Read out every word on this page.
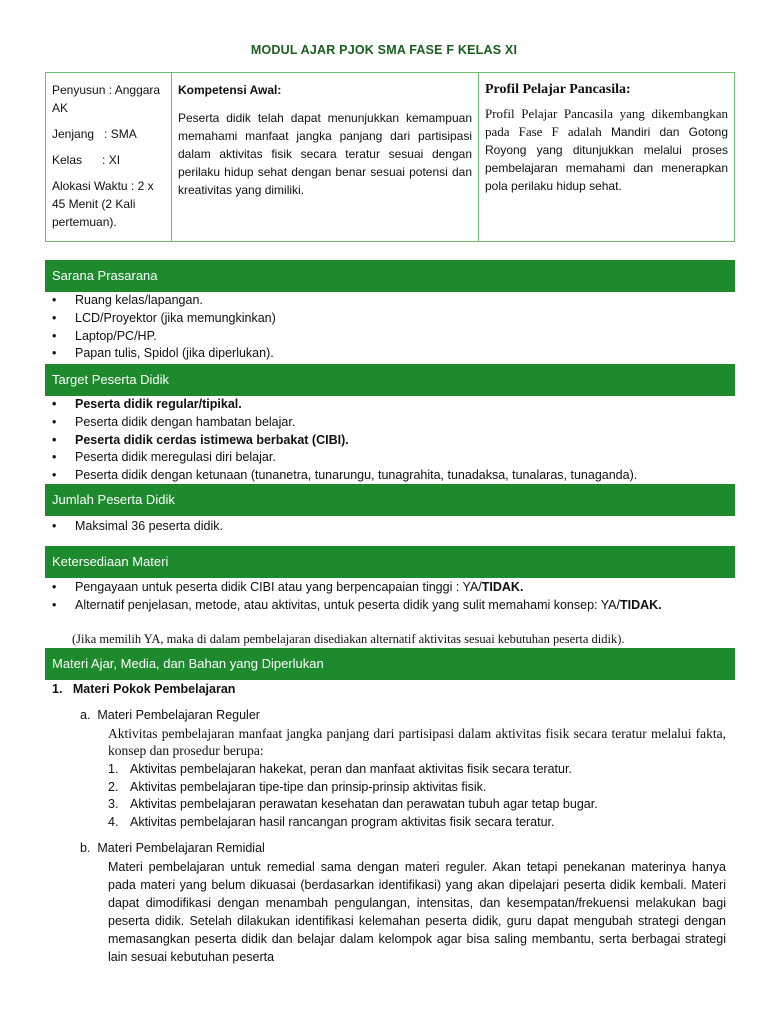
MODUL AJAR PJOK SMA FASE F KELAS XI

Penyusun : Anggara AK

Jenjang   : SMA

Kelas      : XI

Alokasi Waktu : 2 x 45 Menit (2 Kali pertemuan).

Kompetensi Awal:
Peserta didik telah dapat menunjukkan kemampuan memahami manfaat jangka panjang dari partisipasi dalam aktivitas fisik secara teratur sesuai dengan perilaku hidup sehat dengan benar sesuai potensi dan kreativitas yang dimiliki.
Profil Pelajar Pancasila:
Profil Pelajar Pancasila yang dikembangkan pada Fase F adalah Mandiri dan Gotong Royong yang ditunjukkan melalui proses pembelajaran memahami dan menerapkan pola perilaku hidup sehat.
Sarana Prasarana
• Ruang kelas/lapangan.
• LCD/Proyektor (jika memungkinkan)
• Laptop/PC/HP.
• Papan tulis, Spidol (jika diperlukan).
Target Peserta Didik
• Peserta didik regular/tipikal.
• Peserta didik dengan hambatan belajar.
• Peserta didik cerdas istimewa berbakat (CIBI).
• Peserta didik meregulasi diri belajar.
• Peserta didik dengan ketunaan (tunanetra, tunarungu, tunagrahita, tunadaksa, tunalaras, tunaganda).
Jumlah Peserta Didik
• Maksimal 36 peserta didik.
Ketersediaan Materi
• Pengayaan untuk peserta didik CIBI atau yang berpencapaian tinggi : YA/TIDAK.
• Alternatif penjelasan, metode, atau aktivitas, untuk peserta didik yang sulit memahami konsep: YA/TIDAK.
(Jika memilih YA, maka di dalam pembelajaran disediakan alternatif aktivitas sesuai kebutuhan peserta didik).
Materi Ajar, Media, dan Bahan yang Diperlukan
1.   Materi Pokok Pembelajaran
a.  Materi Pembelajaran Reguler
Aktivitas pembelajaran manfaat jangka panjang dari partisipasi dalam aktivitas fisik secara teratur melalui fakta, konsep dan prosedur berupa:
1. Aktivitas pembelajaran hakekat, peran dan manfaat aktivitas fisik secara teratur.
2. Aktivitas pembelajaran tipe-tipe dan prinsip-prinsip aktivitas fisik.
3. Aktivitas pembelajaran perawatan kesehatan dan perawatan tubuh agar tetap bugar.
4. Aktivitas pembelajaran hasil rancangan program aktivitas fisik secara teratur.
b.  Materi Pembelajaran Remidial
Materi pembelajaran untuk remedial sama dengan materi reguler. Akan tetapi penekanan materinya hanya pada materi yang belum dikuasai (berdasarkan identifikasi) yang akan dipelajari peserta didik kembali. Materi dapat dimodifikasi dengan menambah pengulangan, intensitas, dan kesempatan/frekuensi melakukan bagi peserta didik. Setelah dilakukan identifikasi kelemahan peserta didik, guru dapat mengubah strategi dengan memasangkan peserta didik dan belajar dalam kelompok agar bisa saling membantu, serta berbagai strategi lain sesuai kebutuhan peserta
